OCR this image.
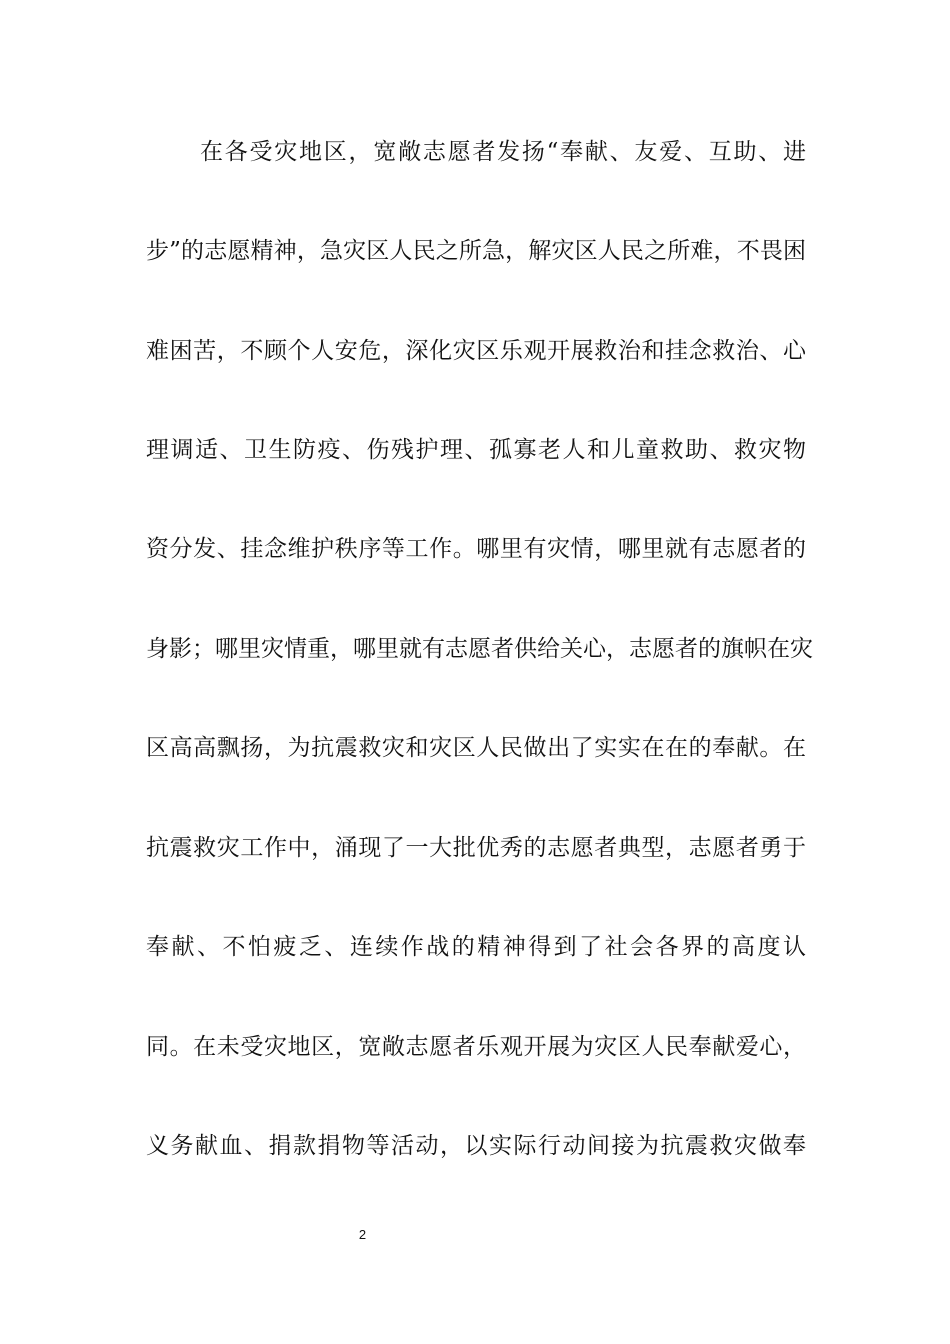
在各受灾地区，宽敞志愿者发扬“奉献、友爱、互助、进
步”的志愿精神，急灾区人民之所急，解灾区人民之所难，不畏困
难困苦，不顾个人安危，深化灾区乐观开展救治和挂念救治、心
理调适、卫生防疫、伤残护理、孤寡老人和儿童救助、救灾物
资分发、挂念维护秩序等工作。哪里有灾情，哪里就有志愿者的
身影；哪里灾情重，哪里就有志愿者供给关心，志愿者的旗帜在灾
区高高飘扬，为抗震救灾和灾区人民做出了实实在在的奉献。在
抗震救灾工作中，涌现了一大批优秀的志愿者典型，志愿者勇于
奉献、不怕疲乏、连续作战的精神得到了社会各界的高度认
同。在未受灾地区，宽敞志愿者乐观开展为灾区人民奉献爱心，
义务献血、捐款捐物等活动，以实际行动间接为抗震救灾做奉
2
